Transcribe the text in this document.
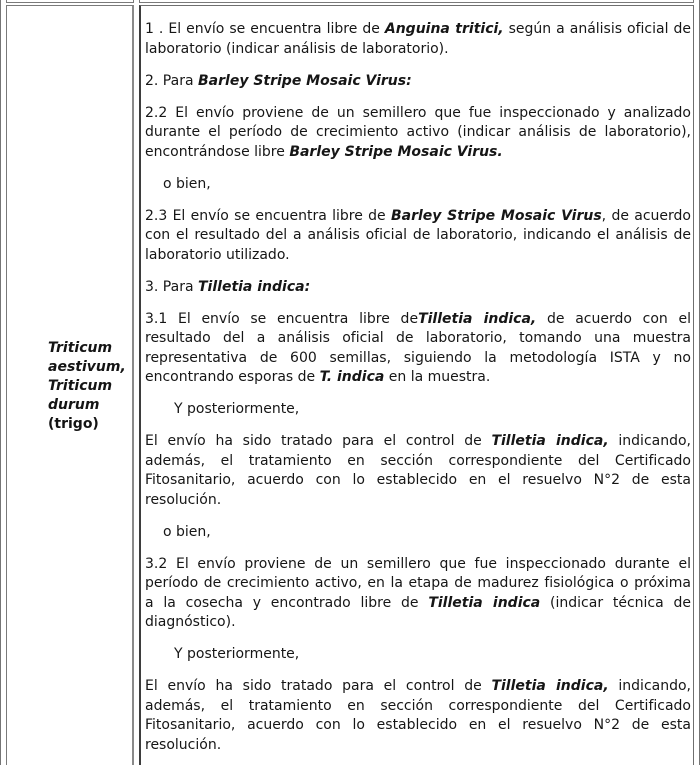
Triticum aestivum, Triticum durum (trigo)

1 . El envío se encuentra libre de Anguina tritici, según a análisis oficial de laboratorio (indicar análisis de laboratorio).

2. Para Barley Stripe Mosaic Virus:

2.2 El envío proviene de un semillero que fue inspeccionado y analizado durante el período de crecimiento activo (indicar análisis de laboratorio), encontrándose libre Barley Stripe Mosaic Virus.

o bien,

2.3 El envío se encuentra libre de Barley Stripe Mosaic Virus, de acuerdo con el resultado del a análisis oficial de laboratorio, indicando el análisis de laboratorio utilizado.

3. Para Tilletia indica:

3.1 El envío se encuentra libre deTilletia indica, de acuerdo con el resultado del a análisis oficial de laboratorio, tomando una muestra representativa de 600 semillas, siguiendo la metodología ISTA y no encontrando esporas de T. indica en la muestra.

Y posteriormente,

El envío ha sido tratado para el control de Tilletia indica, indicando, además, el tratamiento en sección correspondiente del Certificado Fitosanitario, acuerdo con lo establecido en el resuelvo N°2 de esta resolución.

o bien,

3.2 El envío proviene de un semillero que fue inspeccionado durante el período de crecimiento activo, en la etapa de madurez fisiológica o próxima a la cosecha y encontrado libre de Tilletia indica (indicar técnica de diagnóstico).

Y posteriormente,

El envío ha sido tratado para el control de Tilletia indica, indicando, además, el tratamiento en sección correspondiente del Certificado Fitosanitario, acuerdo con lo establecido en el resuelvo N°2 de esta resolución.
